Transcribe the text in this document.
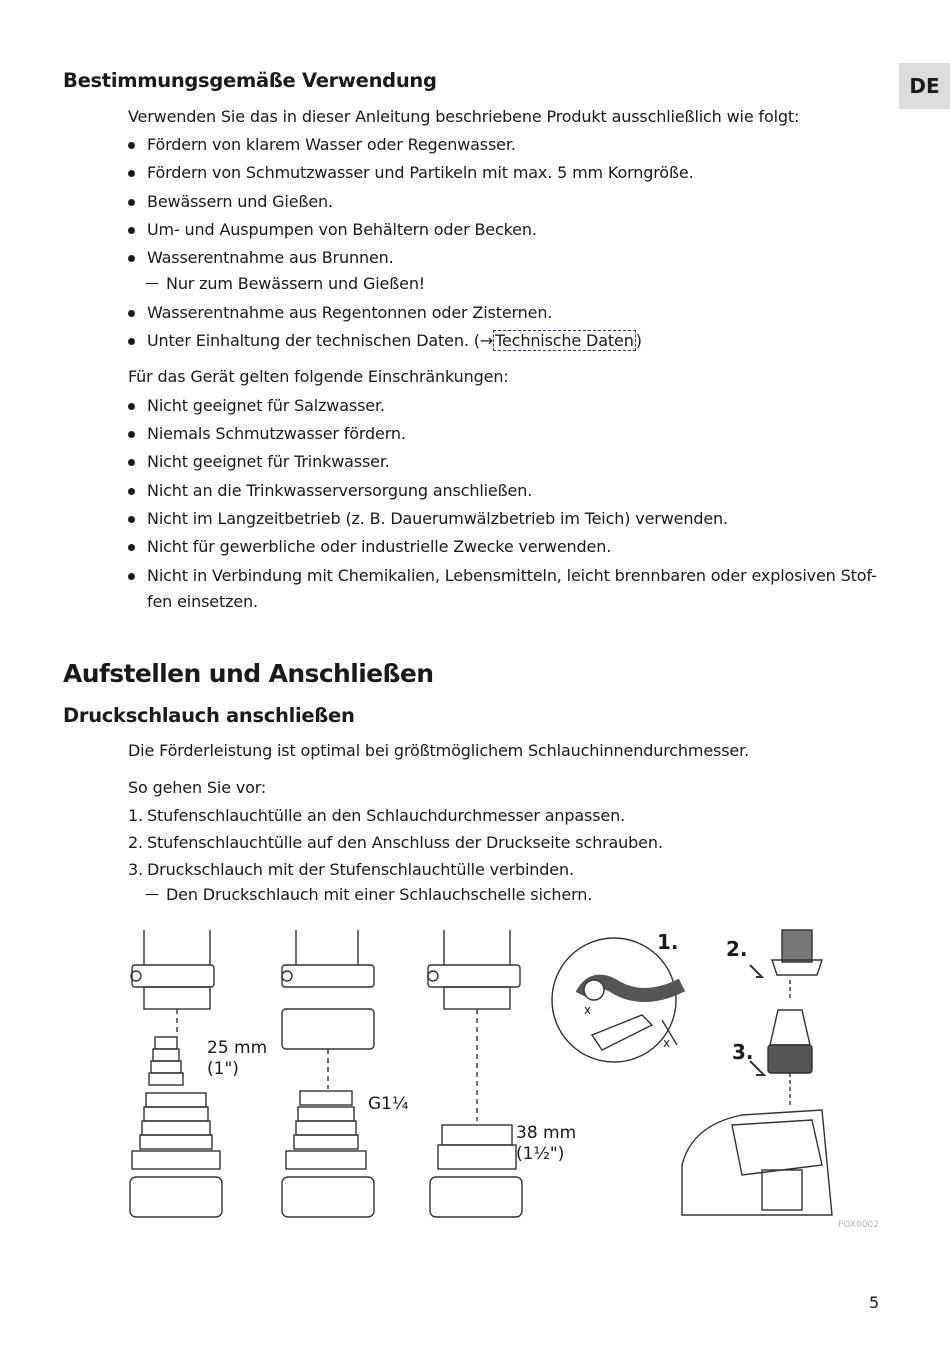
DE
Bestimmungsgemäße Verwendung
Verwenden Sie das in dieser Anleitung beschriebene Produkt ausschließlich wie folgt:
Fördern von klarem Wasser oder Regenwasser.
Fördern von Schmutzwasser und Partikeln mit max. 5 mm Korngröße.
Bewässern und Gießen.
Um- und Auspumpen von Behältern oder Becken.
Wasserentnahme aus Brunnen.
Nur zum Bewässern und Gießen!
Wasserentnahme aus Regentonnen oder Zisternen.
Unter Einhaltung der technischen Daten. (→ Technische Daten )
Für das Gerät gelten folgende Einschränkungen:
Nicht geeignet für Salzwasser.
Niemals Schmutzwasser fördern.
Nicht geeignet für Trinkwasser.
Nicht an die Trinkwasserversorgung anschließen.
Nicht im Langzeitbetrieb (z. B. Dauerumwälzbetrieb im Teich) verwenden.
Nicht für gewerbliche oder industrielle Zwecke verwenden.
Nicht in Verbindung mit Chemikalien, Lebensmitteln, leicht brennbaren oder explosiven Stof-
fen einsetzen.
Aufstellen und Anschließen
Druckschlauch anschließen
Die Förderleistung ist optimal bei größtmöglichem Schlauchinnendurchmesser.
So gehen Sie vor:
1. Stufenschlauchtülle an den Schlauchdurchmesser anpassen.
2. Stufenschlauchtülle auf den Anschluss der Druckseite schrauben.
3. Druckschlauch mit der Stufenschlauchtülle verbinden.
Den Druckschlauch mit einer Schlauchschelle sichern.
25 mm
(1")
G1¼
38 mm
(1½")
1. 2.
3.
x
x
POX0002
5
